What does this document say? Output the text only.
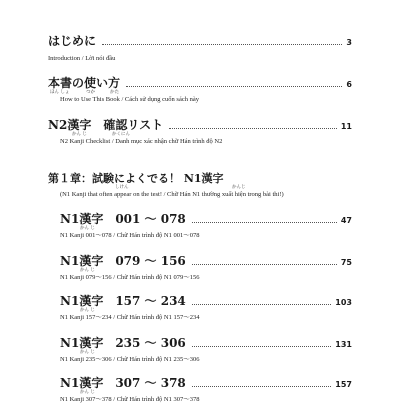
はじめに	3
Introduction / Lời nói đầu
本書の使い方	6
ほん しょ	つか	かた
How to Use This Book / Cách sử dụng cuốn sách này
N2漢字　確認リスト	11
かん じ	かくにん
N2 Kanji Checklist / Danh mục xác nhận chữ Hán trình độ N2
第１章：試験によくでる！ N1漢字
しけん	かんじ
(N1 Kanji that often appear on the test! / Chữ Hán N1 thường xuất hiện trong bài thi!)
N1漢字　001 ～ 078	47
かん じ
N1 Kanji 001～078 / Chữ Hán trình độ N1 001～078
N1漢字　079 ～ 156	75
かん じ
N1 Kanji 079～156 / Chữ Hán trình độ N1 079～156
N1漢字　157 ～ 234	103
かん じ
N1 Kanji 157～234 / Chữ Hán trình độ N1 157～234
N1漢字　235 ～ 306	131
かん じ
N1 Kanji 235～306 / Chữ Hán trình độ N1 235～306
N1漢字　307 ～ 378	157
かん じ
N1 Kanji 307～378 / Chữ Hán trình độ N1 307～378
